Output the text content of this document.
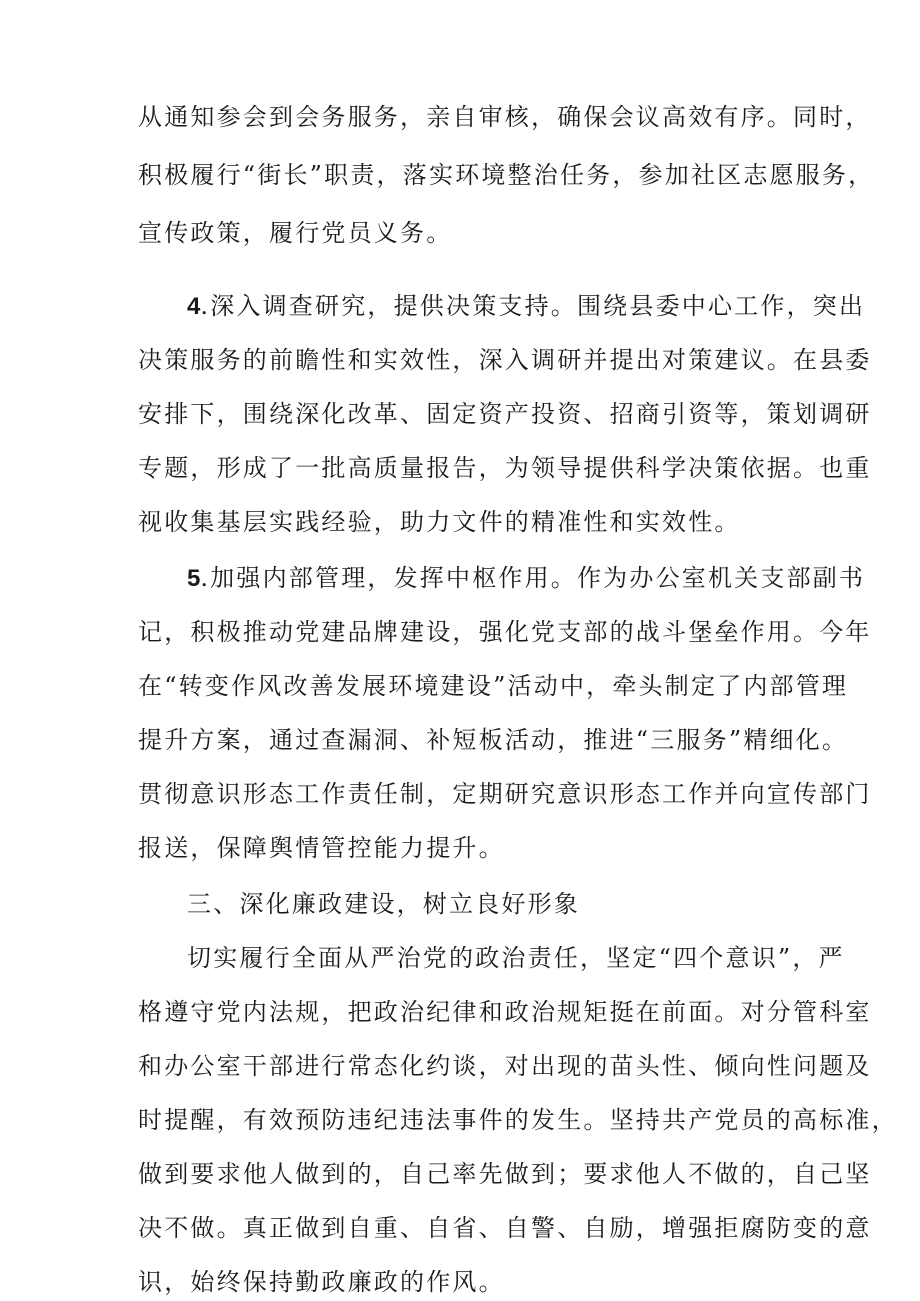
从通知参会到会务服务，亲自审核，确保会议高效有序。同时，

积极履行“街长”职责，落实环境整治任务，参加社区志愿服务，

宣传政策，履行党员义务。

4.深入调查研究，提供决策支持。围绕县委中心工作，突出

决策服务的前瞻性和实效性，深入调研并提出对策建议。在县委

安排下，围绕深化改革、固定资产投资、招商引资等，策划调研

专题，形成了一批高质量报告，为领导提供科学决策依据。也重

视收集基层实践经验，助力文件的精准性和实效性。

5.加强内部管理，发挥中枢作用。作为办公室机关支部副书

记，积极推动党建品牌建设，强化党支部的战斗堡垒作用。今年

在“转变作风改善发展环境建设”活动中，牵头制定了内部管理

提升方案，通过查漏洞、补短板活动，推进“三服务”精细化。

贯彻意识形态工作责任制，定期研究意识形态工作并向宣传部门

报送，保障舆情管控能力提升。

三、深化廉政建设，树立良好形象

切实履行全面从严治党的政治责任，坚定“四个意识”，严

格遵守党内法规，把政治纪律和政治规矩挺在前面。对分管科室

和办公室干部进行常态化约谈，对出现的苗头性、倾向性问题及

时提醒，有效预防违纪违法事件的发生。坚持共产党员的高标准，

做到要求他人做到的，自己率先做到；要求他人不做的，自己坚

决不做。真正做到自重、自省、自警、自励，增强拒腐防变的意

识，始终保持勤政廉政的作风。
